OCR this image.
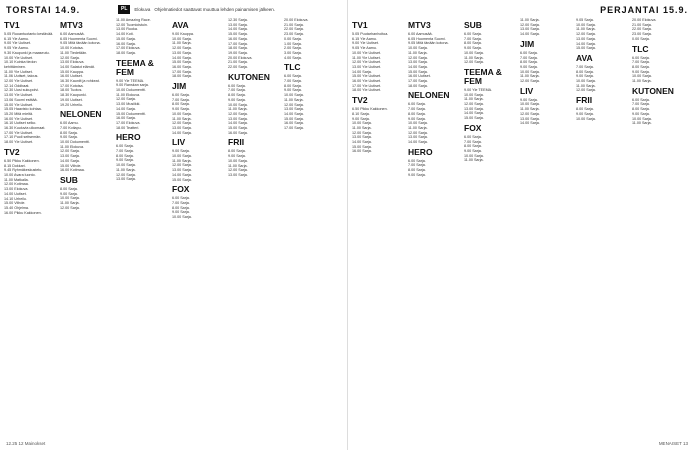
TORSTAI 14.9.	PL	Elokuva Ohjelmatiedot saattavat muuttua lehden painamisen jälkeen.
TV1

5.05 Ruoantuotanto kestävää.

6.15 Yle Aamu.

9.00 Yle Uutiset.

9.05 Yle Aamu.

9.30 Kaupunki ja maaseutu.

10.00 Yle Uutiset.

10.10 Kuinka tiedon kehittäminen.

11.00 Yle Uutiset.

11.06 Uutiset, talous.

12.00 Yle Uutiset.

12.14 Oddbaat.

12.30 Uusi sukupolvi.

13.00 Yle Uutiset.

13.06 Suomi esittää.

15.00 Yle Uutiset.

15.05 Haavisto kohtaa.

15.20 Mitä mieltä.

16.00 Yle Uutiset.

16.10 Uutiset selko.

16.30 Kuuluvia ulkomaat.

17.00 Yle Uutiset.

17.10 Puoli seitsemän.

18.00 Yle Uutiset.

TV2

6.50 Pikku Kakkonen.

8.15 Dokkari.

9.45 Ryhmäkeskustelu.

10.00 Avara luonto.

11.00 Matkalla.

12.00 Kotimaa.

13.00 Elokuva.

14.00 Uutiset.

14.10 Urheilu.

15.00 Viihde.

15.40 Ohjelma.

16.00 Pikku Kakkonen.

MTV3

6.00 Aamusää.

6.05 Huomenta Suomi.

9.05 Mitä tänään kotona.

10.00 Kotoisa.

11.00 Tiedetään.

12.00 Sarja.

13.00 Elokuva.

14.00 Salatut elämät.

15.00 Kauppa.

16.00 Uutiset.

16.30 Kauniit ja rohkeat.

17.00 Kotoisa.

18.00 Tuotos.

18.30 Kaupunki.

19.00 Uutiset.

19.20 Urheilu.

NELONEN

6.00 Aamu.

7.00 Kotiapu.

8.00 Sarja.

9.00 Sarja.

10.00 Dokumentti.

11.00 Elokuva.

12.00 Sarja.

13.00 Sarja.

14.00 Sarja.

15.00 Viihde.

16.00 Kotimaa.

SUB

8.00 Sarja.

9.00 Sarja.

10.00 Sarja.

11.00 Sarja.

12.00 Sarja.

11.00 Amazing Race.

12.00 Tuomioistuin.

13.00 Ruoka.

14.00 Koti.

15.00 Sarja.

16.00 Sarja.

17.00 Elokuva.

18.00 Sarja.

TEEMA & FEM

9.00 Yle TEEMA.

9.00 Ranskan sarja.

10.00 Dokumentti.

11.00 Elokuva.

12.00 Sarja.

13.00 Musiikki.

14.00 Sarja.

15.00 Dokumentti.

16.00 Sarja.

17.00 Elokuva.

18.00 Teatteri.

HERO

6.00 Sarja.

7.00 Sarja.

8.00 Sarja.

9.00 Sarja.

10.00 Sarja.

11.00 Sarja.

12.00 Sarja.

13.00 Sarja.

AVA

9.00 Kauppa.

10.00 Sarja.

11.00 Sarja.

12.00 Sarja.

13.00 Sarja.

14.00 Sarja.

15.00 Sarja.

16.00 Sarja.

17.00 Sarja.

18.00 Sarja.

JIM

6.00 Sarja.

7.00 Sarja.

8.00 Sarja.

9.00 Sarja.

10.00 Sarja.

11.00 Sarja.

12.00 Sarja.

13.00 Sarja.

14.00 Sarja.

LIV

9.00 Sarja.

10.00 Sarja.

11.00 Sarja.

12.00 Sarja.

13.00 Sarja.

14.00 Sarja.

15.00 Sarja.

FOX

6.00 Sarja.

7.00 Sarja.

8.00 Sarja.

9.00 Sarja.

10.00 Sarja.

12.30 Sarja.

13.00 Sarja.

14.00 Sarja.

15.00 Sarja.

16.00 Sarja.

17.00 Sarja.

18.00 Sarja.

19.00 Sarja.

20.00 Elokuva.

21.00 Sarja.

22.00 Sarja.

KUTONEN

6.00 Sarja.

7.00 Sarja.

8.00 Sarja.

9.00 Sarja.

10.00 Sarja.

11.00 Sarja.

12.00 Sarja.

13.00 Sarja.

14.00 Sarja.

15.00 Sarja.

16.00 Sarja.

FRII

8.00 Sarja.

9.00 Sarja.

10.00 Sarja.

11.00 Sarja.

12.00 Sarja.

13.00 Sarja.

20.00 Elokuva.

21.00 Sarja.

22.00 Sarja.

23.00 Sarja.

0.00 Sarja.

1.00 Sarja.

2.00 Sarja.

3.00 Sarja.

4.00 Sarja.

TLC

6.00 Sarja.

7.00 Sarja.

8.00 Sarja.

9.00 Sarja.

10.00 Sarja.

11.00 Sarja.

12.00 Sarja.

13.00 Sarja.

14.00 Sarja.

15.00 Sarja.

16.00 Sarja.

17.00 Sarja.

12.25 12 Mainokset
PERJANTAI 15.9.
TV1

5.05 Puutarhanhoitoa.

6.15 Yle Aamu.

9.00 Yle Uutiset.

9.05 Yle Aamu.

10.00 Yle Uutiset.

11.00 Yle Uutiset.

12.00 Yle Uutiset.

13.00 Yle Uutiset.

14.00 Sarja.

15.00 Yle Uutiset.

16.00 Yle Uutiset.

17.00 Yle Uutiset.

18.00 Yle Uutiset.

TV2

6.50 Pikku Kakkonen.

8.10 Sarja.

9.00 Sarja.

10.00 Sarja.

11.00 Sarja.

12.00 Sarja.

13.00 Sarja.

14.00 Sarja.

15.00 Sarja.

16.00 Sarja.

MTV3

6.00 Aamusää.

6.05 Huomenta Suomi.

9.05 Mitä tänään kotona.

10.00 Sarja.

11.00 Sarja.

12.00 Sarja.

13.00 Sarja.

14.00 Sarja.

15.00 Sarja.

16.00 Uutiset.

17.00 Sarja.

18.00 Sarja.

NELONEN

6.00 Sarja.

7.00 Sarja.

8.00 Sarja.

9.00 Sarja.

10.00 Sarja.

11.00 Sarja.

12.00 Sarja.

13.00 Sarja.

14.00 Sarja.

HERO

6.00 Sarja.

7.00 Sarja.

8.00 Sarja.

9.00 Sarja.

SUB

6.00 Sarja.

7.00 Sarja.

8.00 Sarja.

9.00 Sarja.

10.00 Sarja.

11.00 Sarja.

12.00 Sarja.

TEEMA & FEM

9.00 Yle TEEMA.

10.00 Sarja.

11.00 Sarja.

12.00 Sarja.

13.00 Sarja.

14.00 Sarja.

15.00 Sarja.

FOX

6.00 Sarja.

7.00 Sarja.

8.00 Sarja.

9.00 Sarja.

10.00 Sarja.

11.00 Sarja.

11.00 Sarja.

12.00 Sarja.

13.00 Sarja.

14.00 Sarja.

JIM

6.00 Sarja.

7.00 Sarja.

8.00 Sarja.

9.00 Sarja.

10.00 Sarja.

11.00 Sarja.

12.00 Sarja.

LIV

9.00 Sarja.

10.00 Sarja.

11.00 Sarja.

12.00 Sarja.

13.00 Sarja.

14.00 Sarja.

9.05 Sarja.

10.00 Sarja.

11.00 Sarja.

12.00 Sarja.

13.00 Sarja.

14.00 Sarja.

15.00 Sarja.

AVA

7.00 Sarja.

8.00 Sarja.

9.00 Sarja.

10.00 Sarja.

11.00 Sarja.

12.00 Sarja.

FRII

8.00 Sarja.

9.00 Sarja.

10.00 Sarja.

20.00 Elokuva.

21.00 Sarja.

22.00 Sarja.

23.00 Sarja.

0.00 Sarja.

TLC

6.00 Sarja.

7.00 Sarja.

8.00 Sarja.

9.00 Sarja.

10.00 Sarja.

11.00 Sarja.

KUTONEN

6.00 Sarja.

7.00 Sarja.

8.00 Sarja.

9.00 Sarja.

10.00 Sarja.

11.00 Sarja.

MENAISET 13
